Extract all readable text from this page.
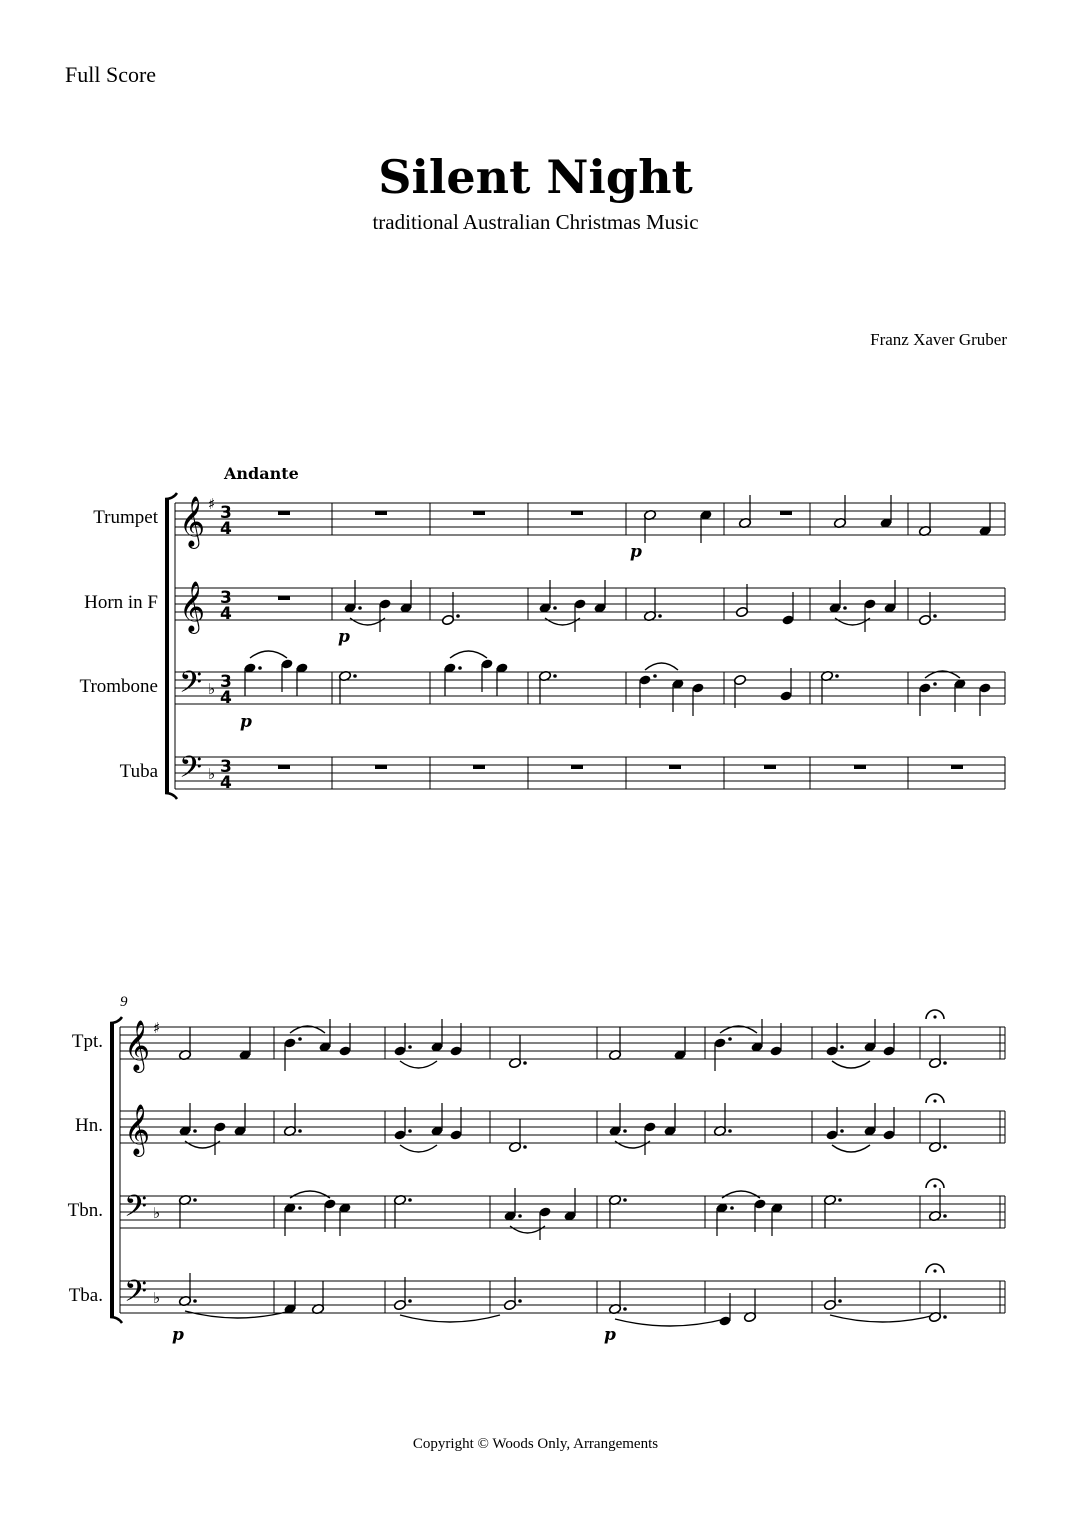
Full Score
Silent Night
traditional Australian Christmas Music
Franz Xaver Gruber
Andante
Trumpet
Horn in F
Trombone
Tuba
Tpt.
Hn.
Tbn.
Tba.
𝄞 ♯ 3
4
𝄞 3
4
𝄢 ♭ 3
4
𝄢 ♭ 3
4
p
p
p
𝄞 ♯
𝄞
𝄢 ♭
𝄢 ♭
p	p
9
Copyright © Woods Only, Arrangements
